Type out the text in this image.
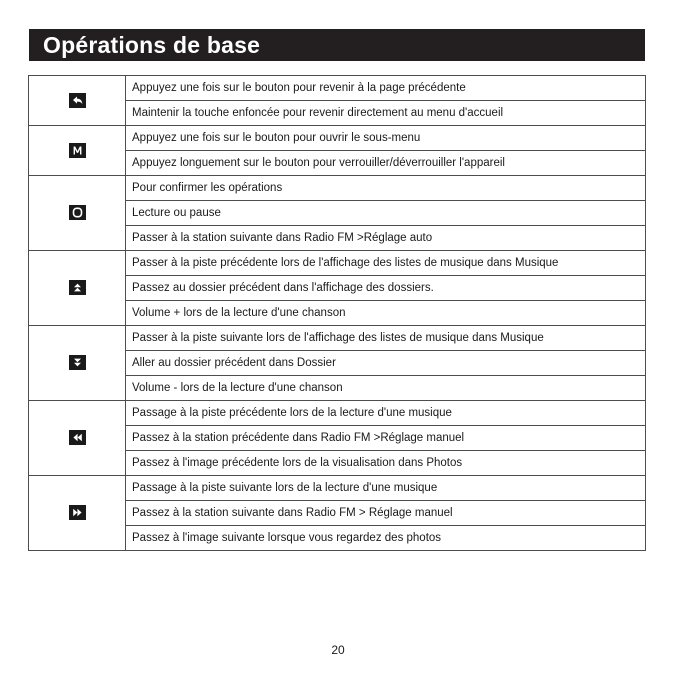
Opérations de base
	Appuyez une fois sur le bouton pour revenir à la page précédente
	Maintenir la touche enfoncée pour revenir directement au menu d'accueil

	Appuyez une fois sur le bouton pour ouvrir le sous-menu
	Appuyez longuement sur le bouton pour verrouiller/déverrouiller l'appareil

	Pour confirmer les opérations
	Lecture ou pause
	Passer à la station suivante dans Radio FM >Réglage auto

	Passer à la piste précédente lors de l'affichage des listes de musique dans Musique
	Passez au dossier précédent dans l'affichage des dossiers.
	Volume + lors de la lecture d'une chanson

	Passer à la piste suivante lors de l'affichage des listes de musique dans Musique
	Aller au dossier précédent dans Dossier
	Volume - lors de la lecture d'une chanson

	Passage à la piste précédente lors de la lecture d'une musique
	Passez à la station précédente dans Radio FM >Réglage manuel
	Passez à l'image précédente lors de la visualisation dans Photos

	Passage à la piste suivante lors de la lecture d'une musique
	Passez à la station suivante dans Radio FM > Réglage manuel
	Passez à l'image suivante lorsque vous regardez des photos
20
